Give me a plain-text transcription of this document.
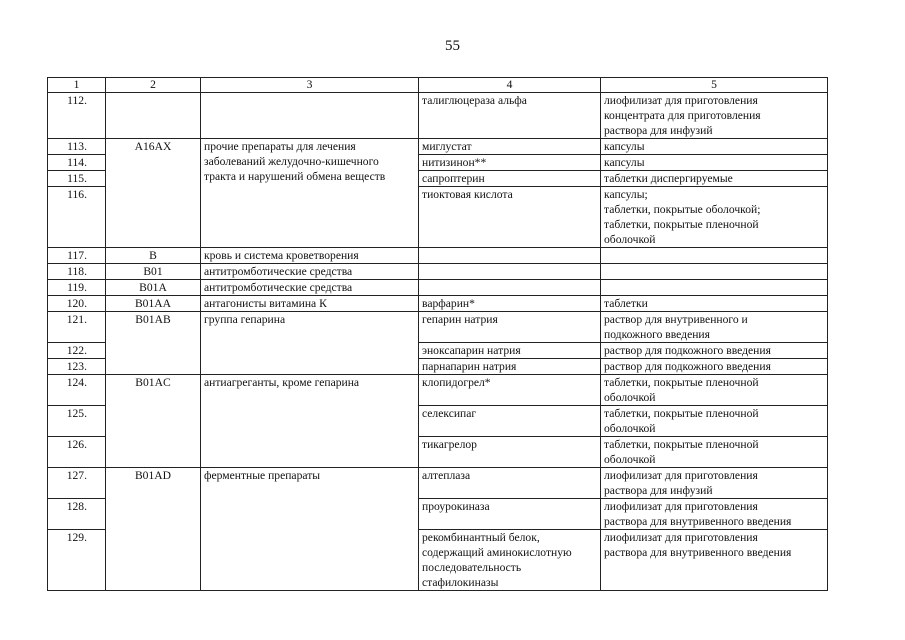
55
1	2	3	4	5
112.			талиглюцераза альфа	лиофилизат для приготовления
концентрата для приготовления
раствора для инфузий
113.	A16AX	прочие препараты для лечения
заболеваний желудочно-кишечного
тракта и нарушений обмена веществ	миглустат	капсулы
114.			нитизинон**	капсулы
115.			сапроптерин	таблетки диспергируемые
116.			тиоктовая кислота	капсулы;
таблетки, покрытые оболочкой;
таблетки, покрытые пленочной
оболочкой
117.	B	кровь и система кроветворения		
118.	B01	антитромботические средства		
119.	B01A	антитромботические средства		
120.	B01AA	антагонисты витамина К	варфарин*	таблетки
121.	B01AB	группа гепарина	гепарин натрия	раствор для внутривенного и
подкожного введения
122.			эноксапарин натрия	раствор для подкожного введения
123.			парнапарин натрия	раствор для подкожного введения
124.	B01AC	антиагреганты, кроме гепарина	клопидогрел*	таблетки, покрытые пленочной
оболочкой
125.			селексипаг	таблетки, покрытые пленочной
оболочкой
126.			тикагрелор	таблетки, покрытые пленочной
оболочкой
127.	B01AD	ферментные препараты	алтеплаза	лиофилизат для приготовления
раствора для инфузий
128.			проурокиназа	лиофилизат для приготовления
раствора для внутривенного введения
129.			рекомбинантный белок,
содержащий аминокислотную
последовательность
стафилокиназы	лиофилизат для приготовления
раствора для внутривенного введения
